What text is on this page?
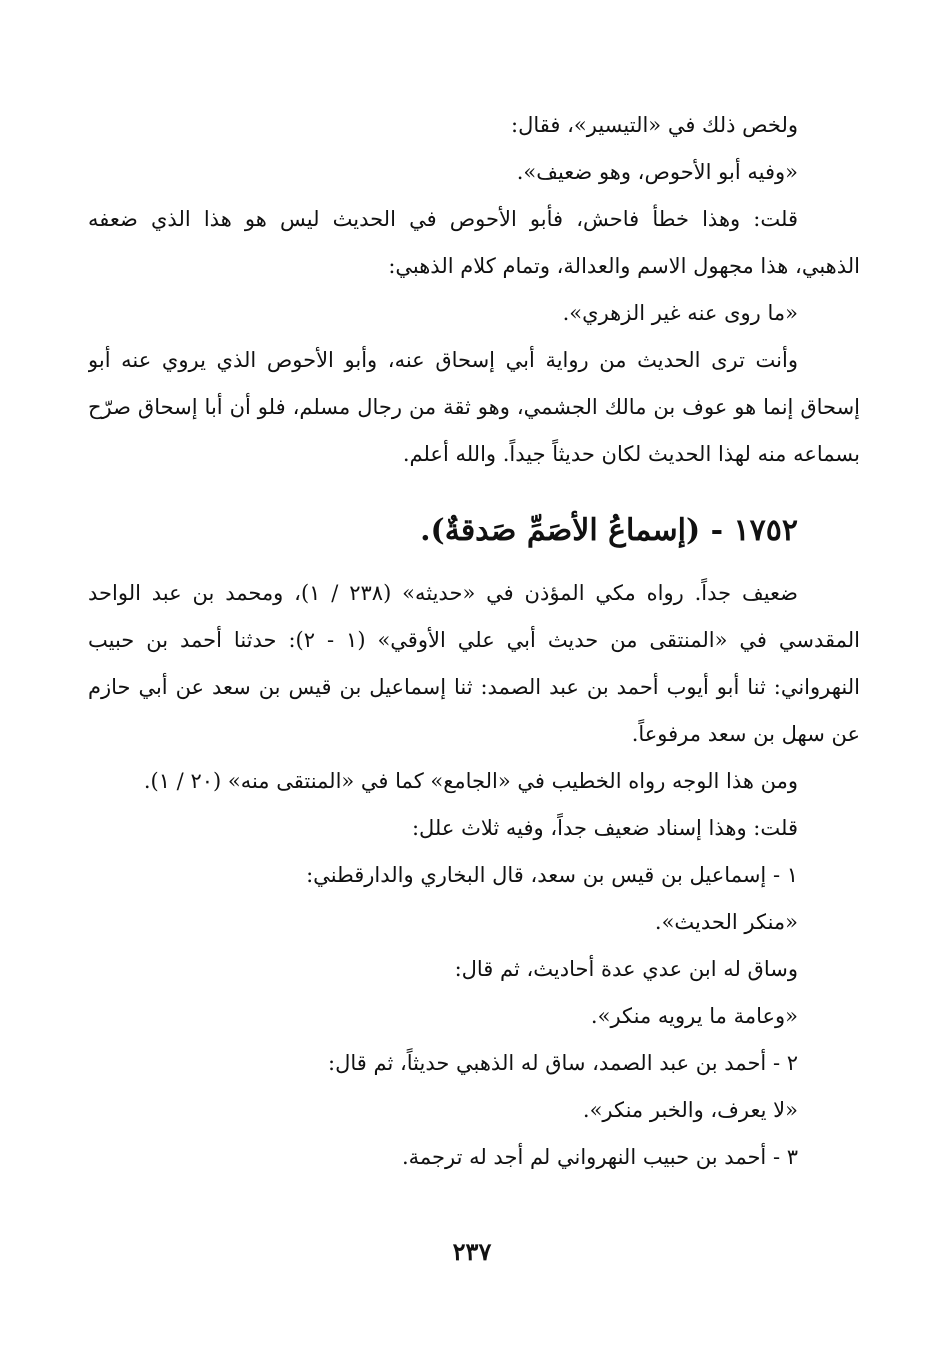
ولخص ذلك في «التيسير»، فقال:
«وفيه أبو الأحوص، وهو ضعيف».
قلت: وهذا خطأ فاحش، فأبو الأحوص في الحديث ليس هو هذا الذي ضعفه
الذهبي، هذا مجهول الاسم والعدالة، وتمام كلام الذهبي:
«ما روى عنه غير الزهري».
وأنت ترى الحديث من رواية أبي إسحاق عنه، وأبو الأحوص الذي يروي عنه أبو
إسحاق إنما هو عوف بن مالك الجشمي، وهو ثقة من رجال مسلم، فلو أن أبا إسحاق صرّح
بسماعه منه لهذا الحديث لكان حديثاً جيداً. والله أعلم.
١٧٥٢ - (إسماعُ الأصَمِّ صَدقةٌ).
ضعيف جداً. رواه مكي المؤذن في «حديثه» (٢٣٨ / ١)، ومحمد بن عبد الواحد
المقدسي في «المنتقى من حديث أبي علي الأوقي» (١ - ٢): حدثنا أحمد بن حبيب
النهرواني: ثنا أبو أيوب أحمد بن عبد الصمد: ثنا إسماعيل بن قيس بن سعد عن أبي حازم
عن سهل بن سعد مرفوعاً.
ومن هذا الوجه رواه الخطيب في «الجامع» كما في «المنتقى منه» (٢٠ / ١).
قلت: وهذا إسناد ضعيف جداً، وفيه ثلاث علل:
١ - إسماعيل بن قيس بن سعد، قال البخاري والدارقطني:
«منكر الحديث».
وساق له ابن عدي عدة أحاديث، ثم قال:
«وعامة ما يرويه منكر».
٢ - أحمد بن عبد الصمد، ساق له الذهبي حديثاً، ثم قال:
«لا يعرف، والخبر منكر».
٣ - أحمد بن حبيب النهرواني لم أجد له ترجمة.
٢٣٧
